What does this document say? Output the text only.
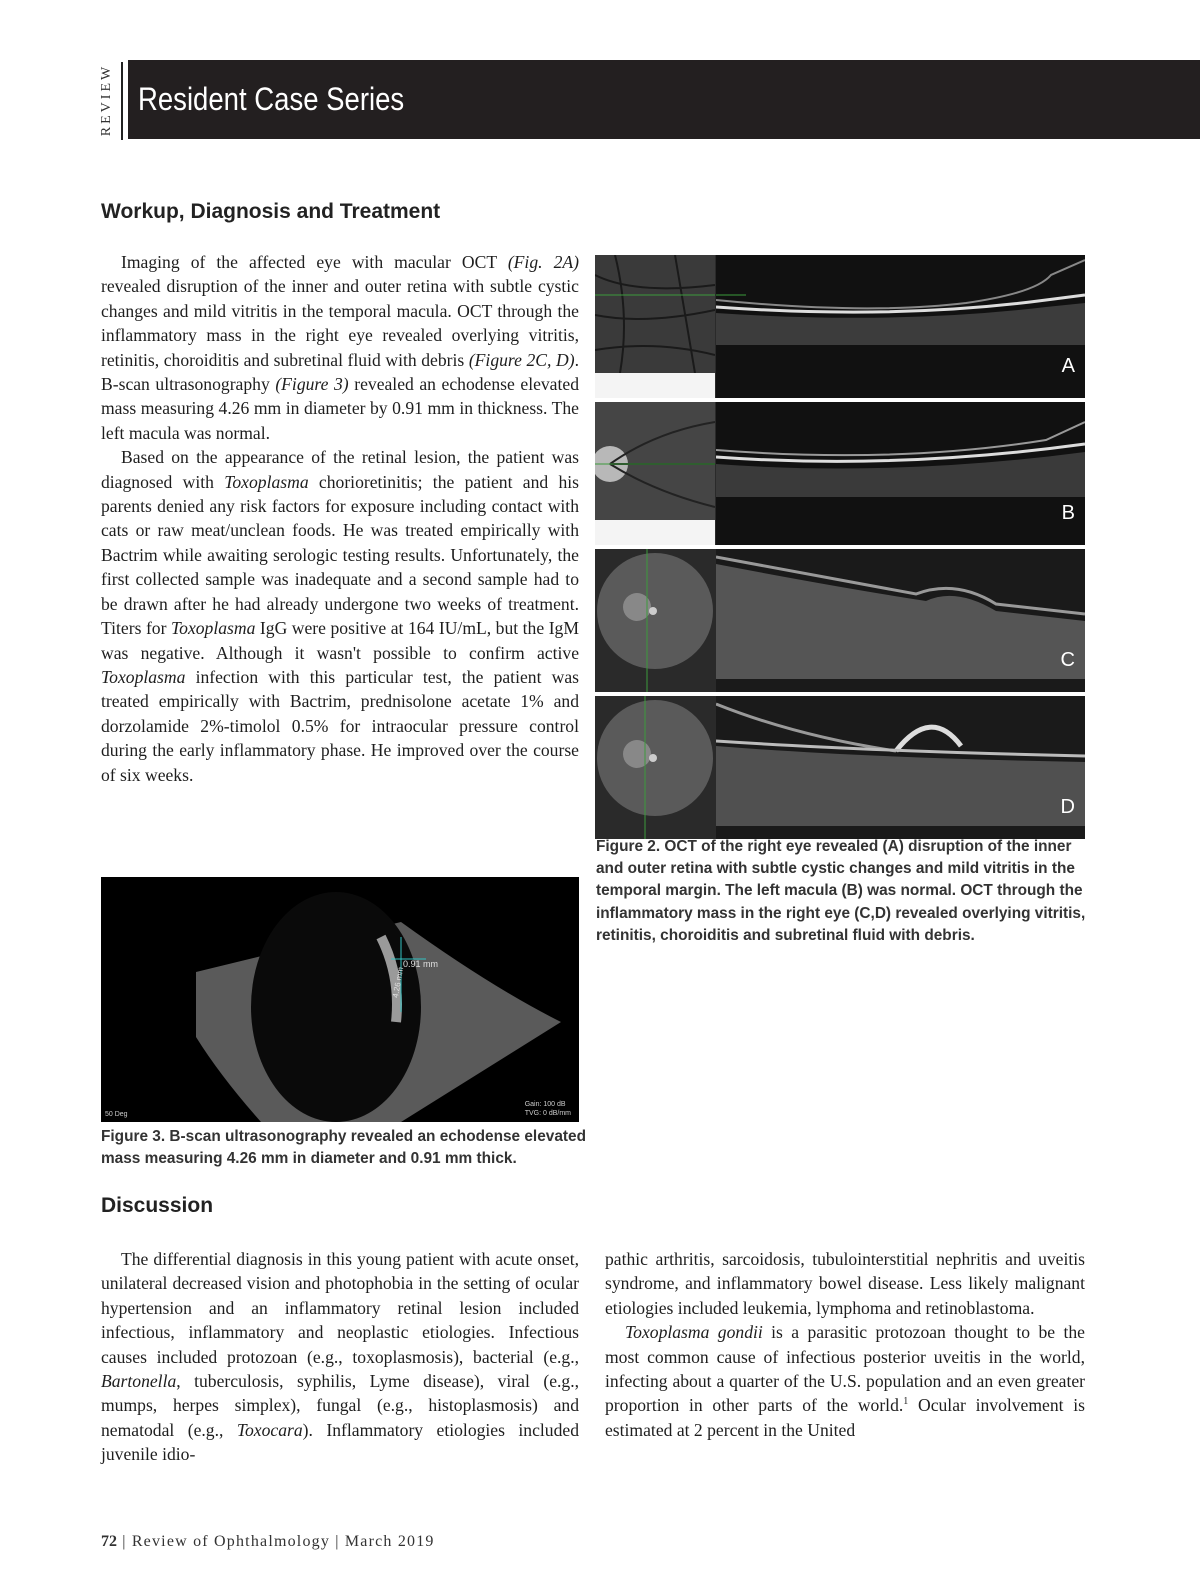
REVIEW Resident Case Series
Workup, Diagnosis and Treatment

Imaging of the affected eye with macular OCT (Fig. 2A) revealed disruption of the inner and outer retina with subtle cystic changes and mild vitritis in the temporal macula. OCT through the inflammatory mass in the right eye revealed overlying vitritis, retinitis, choroiditis and subretinal fluid with debris (Figure 2C, D). B-scan ultrasonography (Figure 3) revealed an echodense elevated mass measuring 4.26 mm in diameter by 0.91 mm in thickness. The left macula was normal.

Based on the appearance of the retinal lesion, the patient was diagnosed with Toxoplasma chorioretinitis; the patient and his parents denied any risk factors for exposure including contact with cats or raw meat/unclean foods. He was treated empirically with Bactrim while awaiting serologic testing results. Unfortunately, the first collected sample was inadequate and a second sample had to be drawn after he had already undergone two weeks of treatment. Titers for Toxoplasma IgG were positive at 164 IU/mL, but the IgM was negative. Although it wasn't possible to confirm active Toxoplasma infection with this particular test, the patient was treated empirically with Bactrim, prednisolone acetate 1% and dorzolamide 2%-timolol 0.5% for intraocular pressure control during the early inflammatory phase. He improved over the course of six weeks.

A
B
C
D
Figure 2. OCT of the right eye revealed (A) disruption of the inner and outer retina with subtle cystic changes and mild vitritis in the temporal margin. The left macula (B) was normal. OCT through the inflammatory mass in the right eye (C,D) revealed overlying vitritis, retinitis, choroiditis and subretinal fluid with debris.
0.91 mm
4.26 mm
50 Deg
Gain: 100 dB
TVG: 0 dB/mm
Figure 3. B-scan ultrasonography revealed an echodense elevated mass measuring 4.26 mm in diameter and 0.91 mm thick.
Discussion

The differential diagnosis in this young patient with acute onset, unilateral decreased vision and photophobia in the setting of ocular hypertension and an inflammatory retinal lesion included infectious, inflammatory and neoplastic etiologies. Infectious causes included protozoan (e.g., toxoplasmosis), bacterial (e.g., Bartonella, tuberculosis, syphilis, Lyme disease), viral (e.g., mumps, herpes simplex), fungal (e.g., histoplasmosis) and nematodal (e.g., Toxocara). Inflammatory etiologies included juvenile idio-

pathic arthritis, sarcoidosis, tubulointerstitial nephritis and uveitis syndrome, and inflammatory bowel disease. Less likely malignant etiologies included leukemia, lymphoma and retinoblastoma.

Toxoplasma gondii is a parasitic protozoan thought to be the most common cause of infectious posterior uveitis in the world, infecting about a quarter of the U.S. population and an even greater proportion in other parts of the world.$^1$ Ocular involvement is estimated at 2 percent in the United

72 | Review of Ophthalmology | March 2019
